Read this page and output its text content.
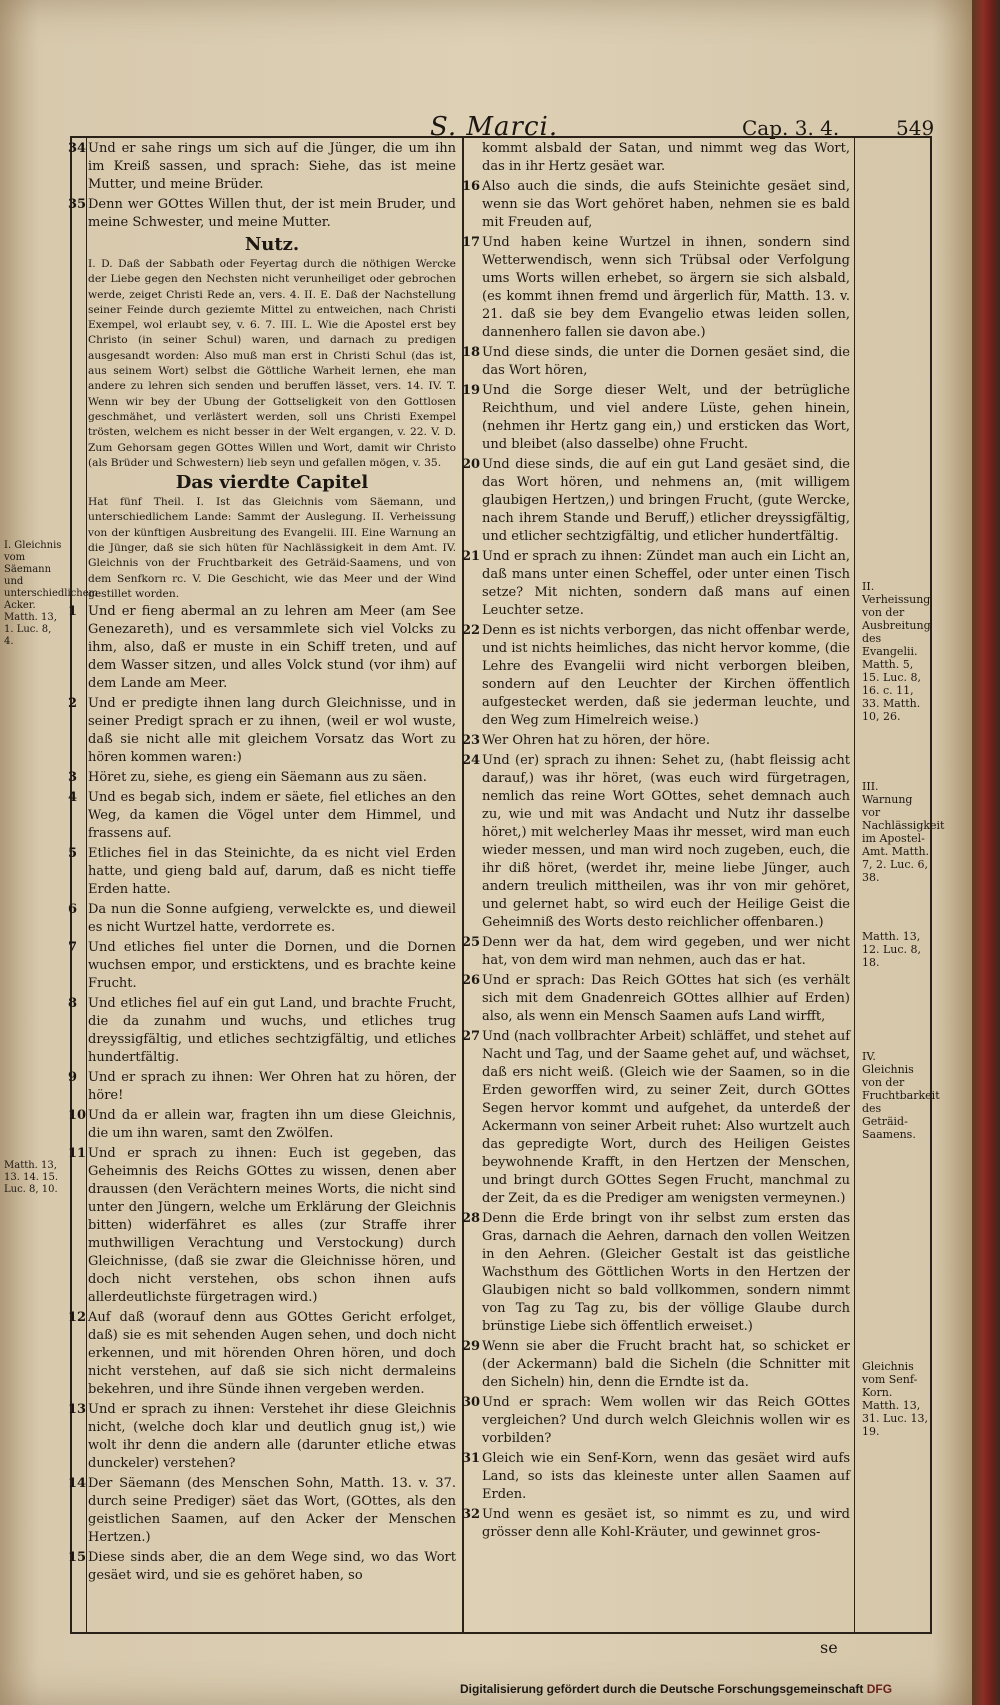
S. Marci.	Cap. 3. 4.	549
I. Gleichnis vom Säemann und unterschiedlichem Acker. Matth. 13, 1. Luc. 8, 4.
Matth. 13, 13. 14. 15. Luc. 8, 10.

34 Und er sahe rings um sich auf die Jünger, die um ihn im Kreiß sassen, und sprach: Siehe, das ist meine Mutter, und meine Brüder.

35 Denn wer GOttes Willen thut, der ist mein Bruder, und meine Schwester, und meine Mutter.

Nutz.

I. D. Daß der Sabbath oder Feyertag durch die nöthigen Wercke der Liebe gegen den Nechsten nicht verunheiliget oder gebrochen werde, zeiget Christi Rede an, vers. 4. II. E. Daß der Nachstellung seiner Feinde durch geziemte Mittel zu entweichen, nach Christi Exempel, wol erlaubt sey, v. 6. 7. III. L. Wie die Apostel erst bey Christo (in seiner Schul) waren, und darnach zu predigen ausgesandt worden: Also muß man erst in Christi Schul (das ist, aus seinem Wort) selbst die Göttliche Warheit lernen, ehe man andere zu lehren sich senden und beruffen lässet, vers. 14. IV. T. Wenn wir bey der Ubung der Gottseligkeit von den Gottlosen geschmähet, und verlästert werden, soll uns Christi Exempel trösten, welchem es nicht besser in der Welt ergangen, v. 22. V. D. Zum Gehorsam gegen GOttes Willen und Wort, damit wir Christo (als Brüder und Schwestern) lieb seyn und gefallen mögen, v. 35.

Das vierdte Capitel

Hat fünf Theil. I. Ist das Gleichnis vom Säemann, und unterschiedlichem Lande: Sammt der Auslegung. II. Verheissung von der künftigen Ausbreitung des Evangelii. III. Eine Warnung an die Jünger, daß sie sich hüten für Nachlässigkeit in dem Amt. IV. Gleichnis von der Fruchtbarkeit des Geträid-Saamens, und von dem Senfkorn rc. V. Die Geschicht, wie das Meer und der Wind gestillet worden.

1 Und er fieng abermal an zu lehren am Meer (am See Genezareth), und es versammlete sich viel Volcks zu ihm, also, daß er muste in ein Schiff treten, und auf dem Wasser sitzen, und alles Volck stund (vor ihm) auf dem Lande am Meer.

2 Und er predigte ihnen lang durch Gleichnisse, und in seiner Predigt sprach er zu ihnen, (weil er wol wuste, daß sie nicht alle mit gleichem Vorsatz das Wort zu hören kommen waren:)

3 Höret zu, siehe, es gieng ein Säemann aus zu säen.

4 Und es begab sich, indem er säete, fiel etliches an den Weg, da kamen die Vögel unter dem Himmel, und frassens auf.

5 Etliches fiel in das Steinichte, da es nicht viel Erden hatte, und gieng bald auf, darum, daß es nicht tieffe Erden hatte.

6 Da nun die Sonne aufgieng, verwelckte es, und dieweil es nicht Wurtzel hatte, verdorrete es.

7 Und etliches fiel unter die Dornen, und die Dornen wuchsen empor, und ersticktens, und es brachte keine Frucht.

8 Und etliches fiel auf ein gut Land, und brachte Frucht, die da zunahm und wuchs, und etliches trug dreyssigfältig, und etliches sechtzigfältig, und etliches hundertfältig.

9 Und er sprach zu ihnen: Wer Ohren hat zu hören, der höre!

10 Und da er allein war, fragten ihn um diese Gleichnis, die um ihn waren, samt den Zwölfen.

11 Und er sprach zu ihnen: Euch ist gegeben, das Geheimnis des Reichs GOttes zu wissen, denen aber draussen (den Verächtern meines Worts, die nicht sind unter den Jüngern, welche um Erklärung der Gleichnis bitten) widerfähret es alles (zur Straffe ihrer muthwilligen Verachtung und Verstockung) durch Gleichnisse, (daß sie zwar die Gleichnisse hören, und doch nicht verstehen, obs schon ihnen aufs allerdeutlichste fürgetragen wird.)

12 Auf daß (worauf denn aus GOttes Gericht erfolget, daß) sie es mit sehenden Augen sehen, und doch nicht erkennen, und mit hörenden Ohren hören, und doch nicht verstehen, auf daß sie sich nicht dermaleins bekehren, und ihre Sünde ihnen vergeben werden.

13 Und er sprach zu ihnen: Verstehet ihr diese Gleichnis nicht, (welche doch klar und deutlich gnug ist,) wie wolt ihr denn die andern alle (darunter etliche etwas dunckeler) verstehen?

14 Der Säemann (des Menschen Sohn, Matth. 13. v. 37. durch seine Prediger) säet das Wort, (GOttes, als den geistlichen Saamen, auf den Acker der Menschen Hertzen.)

15 Diese sinds aber, die an dem Wege sind, wo das Wort gesäet wird, und sie es gehöret haben, so

kommt alsbald der Satan, und nimmt weg das Wort, das in ihr Hertz gesäet war.

16 Also auch die sinds, die aufs Steinichte gesäet sind, wenn sie das Wort gehöret haben, nehmen sie es bald mit Freuden auf,

17 Und haben keine Wurtzel in ihnen, sondern sind Wetterwendisch, wenn sich Trübsal oder Verfolgung ums Worts willen erhebet, so ärgern sie sich alsbald, (es kommt ihnen fremd und ärgerlich für, Matth. 13. v. 21. daß sie bey dem Evangelio etwas leiden sollen, dannenhero fallen sie davon abe.)

18 Und diese sinds, die unter die Dornen gesäet sind, die das Wort hören,

19 Und die Sorge dieser Welt, und der betrügliche Reichthum, und viel andere Lüste, gehen hinein, (nehmen ihr Hertz gang ein,) und ersticken das Wort, und bleibet (also dasselbe) ohne Frucht.

20 Und diese sinds, die auf ein gut Land gesäet sind, die das Wort hören, und nehmens an, (mit willigem glaubigen Hertzen,) und bringen Frucht, (gute Wercke, nach ihrem Stande und Beruff,) etlicher dreyssigfältig, und etlicher sechtzigfältig, und etlicher hundertfältig.

21 Und er sprach zu ihnen: Zündet man auch ein Licht an, daß mans unter einen Scheffel, oder unter einen Tisch setze? Mit nichten, sondern daß mans auf einen Leuchter setze.

22 Denn es ist nichts verborgen, das nicht offenbar werde, und ist nichts heimliches, das nicht hervor komme, (die Lehre des Evangelii wird nicht verborgen bleiben, sondern auf den Leuchter der Kirchen öffentlich aufgestecket werden, daß sie jederman leuchte, und den Weg zum Himelreich weise.)

23 Wer Ohren hat zu hören, der höre.

24 Und (er) sprach zu ihnen: Sehet zu, (habt fleissig acht darauf,) was ihr höret, (was euch wird fürgetragen, nemlich das reine Wort GOttes, sehet demnach auch zu, wie und mit was Andacht und Nutz ihr dasselbe höret,) mit welcherley Maas ihr messet, wird man euch wieder messen, und man wird noch zugeben, euch, die ihr diß höret, (werdet ihr, meine liebe Jünger, auch andern treulich mittheilen, was ihr von mir gehöret, und gelernet habt, so wird euch der Heilige Geist die Geheimniß des Worts desto reichlicher offenbaren.)

25 Denn wer da hat, dem wird gegeben, und wer nicht hat, von dem wird man nehmen, auch das er hat.

26 Und er sprach: Das Reich GOttes hat sich (es verhält sich mit dem Gnadenreich GOttes allhier auf Erden) also, als wenn ein Mensch Saamen aufs Land wirfft,

27 Und (nach vollbrachter Arbeit) schläffet, und stehet auf Nacht und Tag, und der Saame gehet auf, und wächset, daß ers nicht weiß. (Gleich wie der Saamen, so in die Erden geworffen wird, zu seiner Zeit, durch GOttes Segen hervor kommt und aufgehet, da unterdeß der Ackermann von seiner Arbeit ruhet: Also wurtzelt auch das gepredigte Wort, durch des Heiligen Geistes beywohnende Krafft, in den Hertzen der Menschen, und bringt durch GOttes Segen Frucht, manchmal zu der Zeit, da es die Prediger am wenigsten vermeynen.)

28 Denn die Erde bringt von ihr selbst zum ersten das Gras, darnach die Aehren, darnach den vollen Weitzen in den Aehren. (Gleicher Gestalt ist das geistliche Wachsthum des Göttlichen Worts in den Hertzen der Glaubigen nicht so bald vollkommen, sondern nimmt von Tag zu Tag zu, bis der völlige Glaube durch brünstige Liebe sich öffentlich erweiset.)

29 Wenn sie aber die Frucht bracht hat, so schicket er (der Ackermann) bald die Sicheln (die Schnitter mit den Sicheln) hin, denn die Erndte ist da.

30 Und er sprach: Wem wollen wir das Reich GOttes vergleichen? Und durch welch Gleichnis wollen wir es vorbilden?

31 Gleich wie ein Senf-Korn, wenn das gesäet wird aufs Land, so ists das kleineste unter allen Saamen auf Erden.

32 Und wenn es gesäet ist, so nimmt es zu, und wird grösser denn alle Kohl-Kräuter, und gewinnet gros-

II. Verheissung von der Ausbreitung des Evangelii. Matth. 5, 15. Luc. 8, 16. c. 11, 33. Matth. 10, 26.
III. Warnung vor Nachlässigkeit im Apostel-Amt. Matth. 7, 2. Luc. 6, 38.
Matth. 13, 12. Luc. 8, 18.
IV. Gleichnis von der Fruchtbarkeit des Geträid-Saamens.
Gleichnis vom Senf-Korn. Matth. 13, 31. Luc. 13, 19.
se
Digitalisierung gefördert durch die Deutsche Forschungsgemeinschaft DFG
